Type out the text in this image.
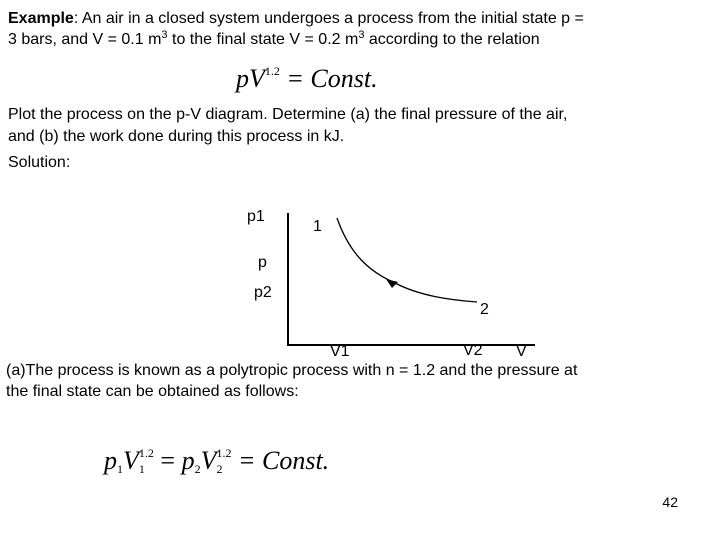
Example: An air in a closed system undergoes a process from the initial state p =
3 bars, and V = 0.1 $m^3$ to the final state V = 0.2 $m^3$ according to the relation
$pV^{1.2}$ = Const.
Plot the process on the p-V diagram. Determine (a) the final pressure of the air,
and (b) the work done during this process in kJ.
Solution:
p1
1
p
p2
2
V1	V2 V
(a)The process is known as a polytropic process with n = 1.2 and the pressure at
the final state can be obtained as follows:
$p_1V_1^{1.2} = p_2V_2^{1.2}$ = Const.
42
